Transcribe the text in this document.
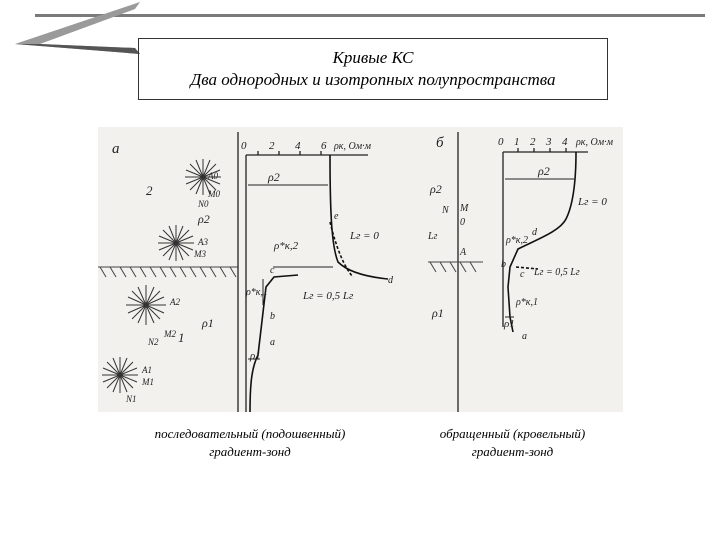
Кривые КС
Два однородных и изотропных полупространства
а
A0
M0
N0
A3
M3
A2
M2
N2
A1
M1
N1
2
1
ρ2
ρ1
0 2 4 6 ρк, Ом·м
ρ2
ρ*к,2
ρ*к,1
Lг = 0
Lг = 0,5 Lг
ρ1
a
b
c
d
e
б	0 1 2 3 4 ρк, Ом·м
ρ2
ρ1
N M
0
A
Lг
ρ2
Lг = 0
ρ*к,2
Lг = 0,5 Lг
ρ*к,1
ρ1
a
b
c
d
последовательный (подошвенный)
градиент-зонд
обращенный (кровельный)
градиент-зонд
